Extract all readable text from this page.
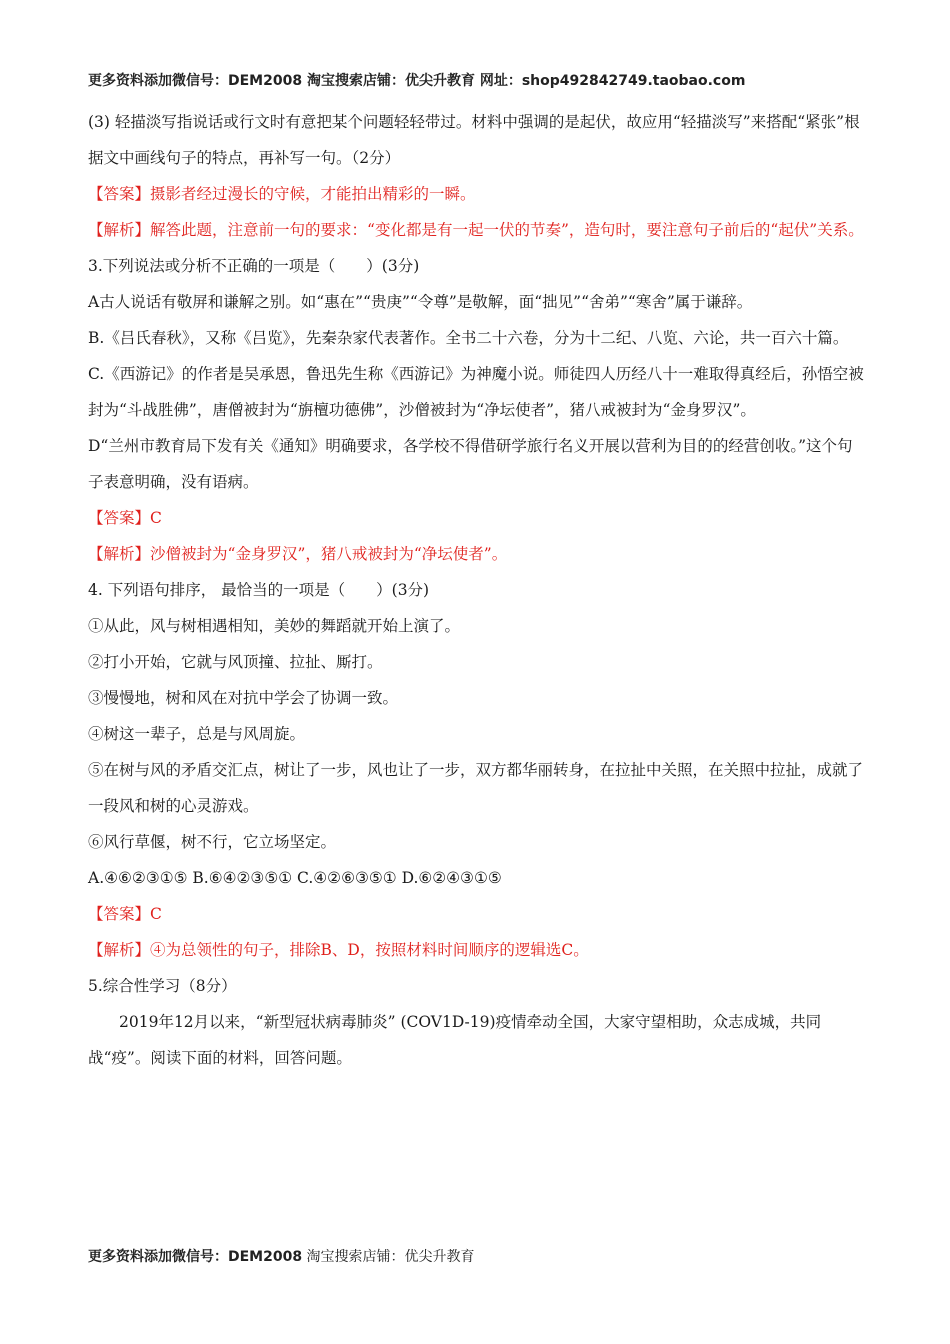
更多资料添加微信号：DEM2008 淘宝搜索店铺：优尖升教育 网址：shop492842749.taobao.com

(3) 轻描淡写指说话或行文时有意把某个问题轻轻带过。材料中强调的是起伏，故应用“轻描淡写”来搭配“紧张”根据文中画线句子的特点，再补写一句。（2分）

【答案】摄影者经过漫长的守候，才能拍出精彩的一瞬。

【解析】解答此题，注意前一句的要求：“变化都是有一起一伏的节奏”，造句时，要注意句子前后的“起伏”关系。

3.下列说法或分析不正确的一项是（　　）(3分)

A古人说话有敬屏和谦解之别。如“惠在”“贵庚”“令尊”是敬解，面“拙见”“舍弟”“寒舍”属于谦辞。

B.《吕氏春秋》，又称《吕览》，先秦杂家代表著作。全书二十六卷，分为十二纪、八览、六论，共一百六十篇。

C.《西游记》的作者是吴承恩，鲁迅先生称《西游记》为神魔小说。师徒四人历经八十一难取得真经后，孙悟空被封为“斗战胜佛”，唐僧被封为“旃檀功德佛”，沙僧被封为“净坛使者”，猪八戒被封为“金身罗汉”。

D“兰州市教育局下发有关《通知》明确要求，各学校不得借研学旅行名义开展以营利为目的的经营创收。”这个句子表意明确，没有语病。

【答案】C

【解析】沙僧被封为“金身罗汉”，猪八戒被封为“净坛使者”。

4. 下列语句排序， 最恰当的一项是（　　）(3分)

①从此，风与树相遇相知，美妙的舞蹈就开始上演了。

②打小开始，它就与风顶撞、拉扯、厮打。

③慢慢地，树和风在对抗中学会了协调一致。

④树这一辈子，总是与风周旋。

⑤在树与风的矛盾交汇点，树让了一步，风也让了一步，双方都华丽转身，在拉扯中关照，在关照中拉扯，成就了一段风和树的心灵游戏。

⑥风行草偃，树不行，它立场坚定。

A.④⑥②③①⑤ B.⑥④②③⑤① C.④②⑥③⑤① D.⑥②④③①⑤

【答案】C

【解析】④为总领性的句子，排除B、D，按照材料时间顺序的逻辑选C。

5.综合性学习（8分）

2019年12月以来，“新型冠状病毒肺炎” (COV1D-19)疫情牵动全国，大家守望相助，众志成城，共同战“疫”。阅读下面的材料，回答问题。

更多资料添加微信号：DEM2008 淘宝搜索店铺：优尖升教育
